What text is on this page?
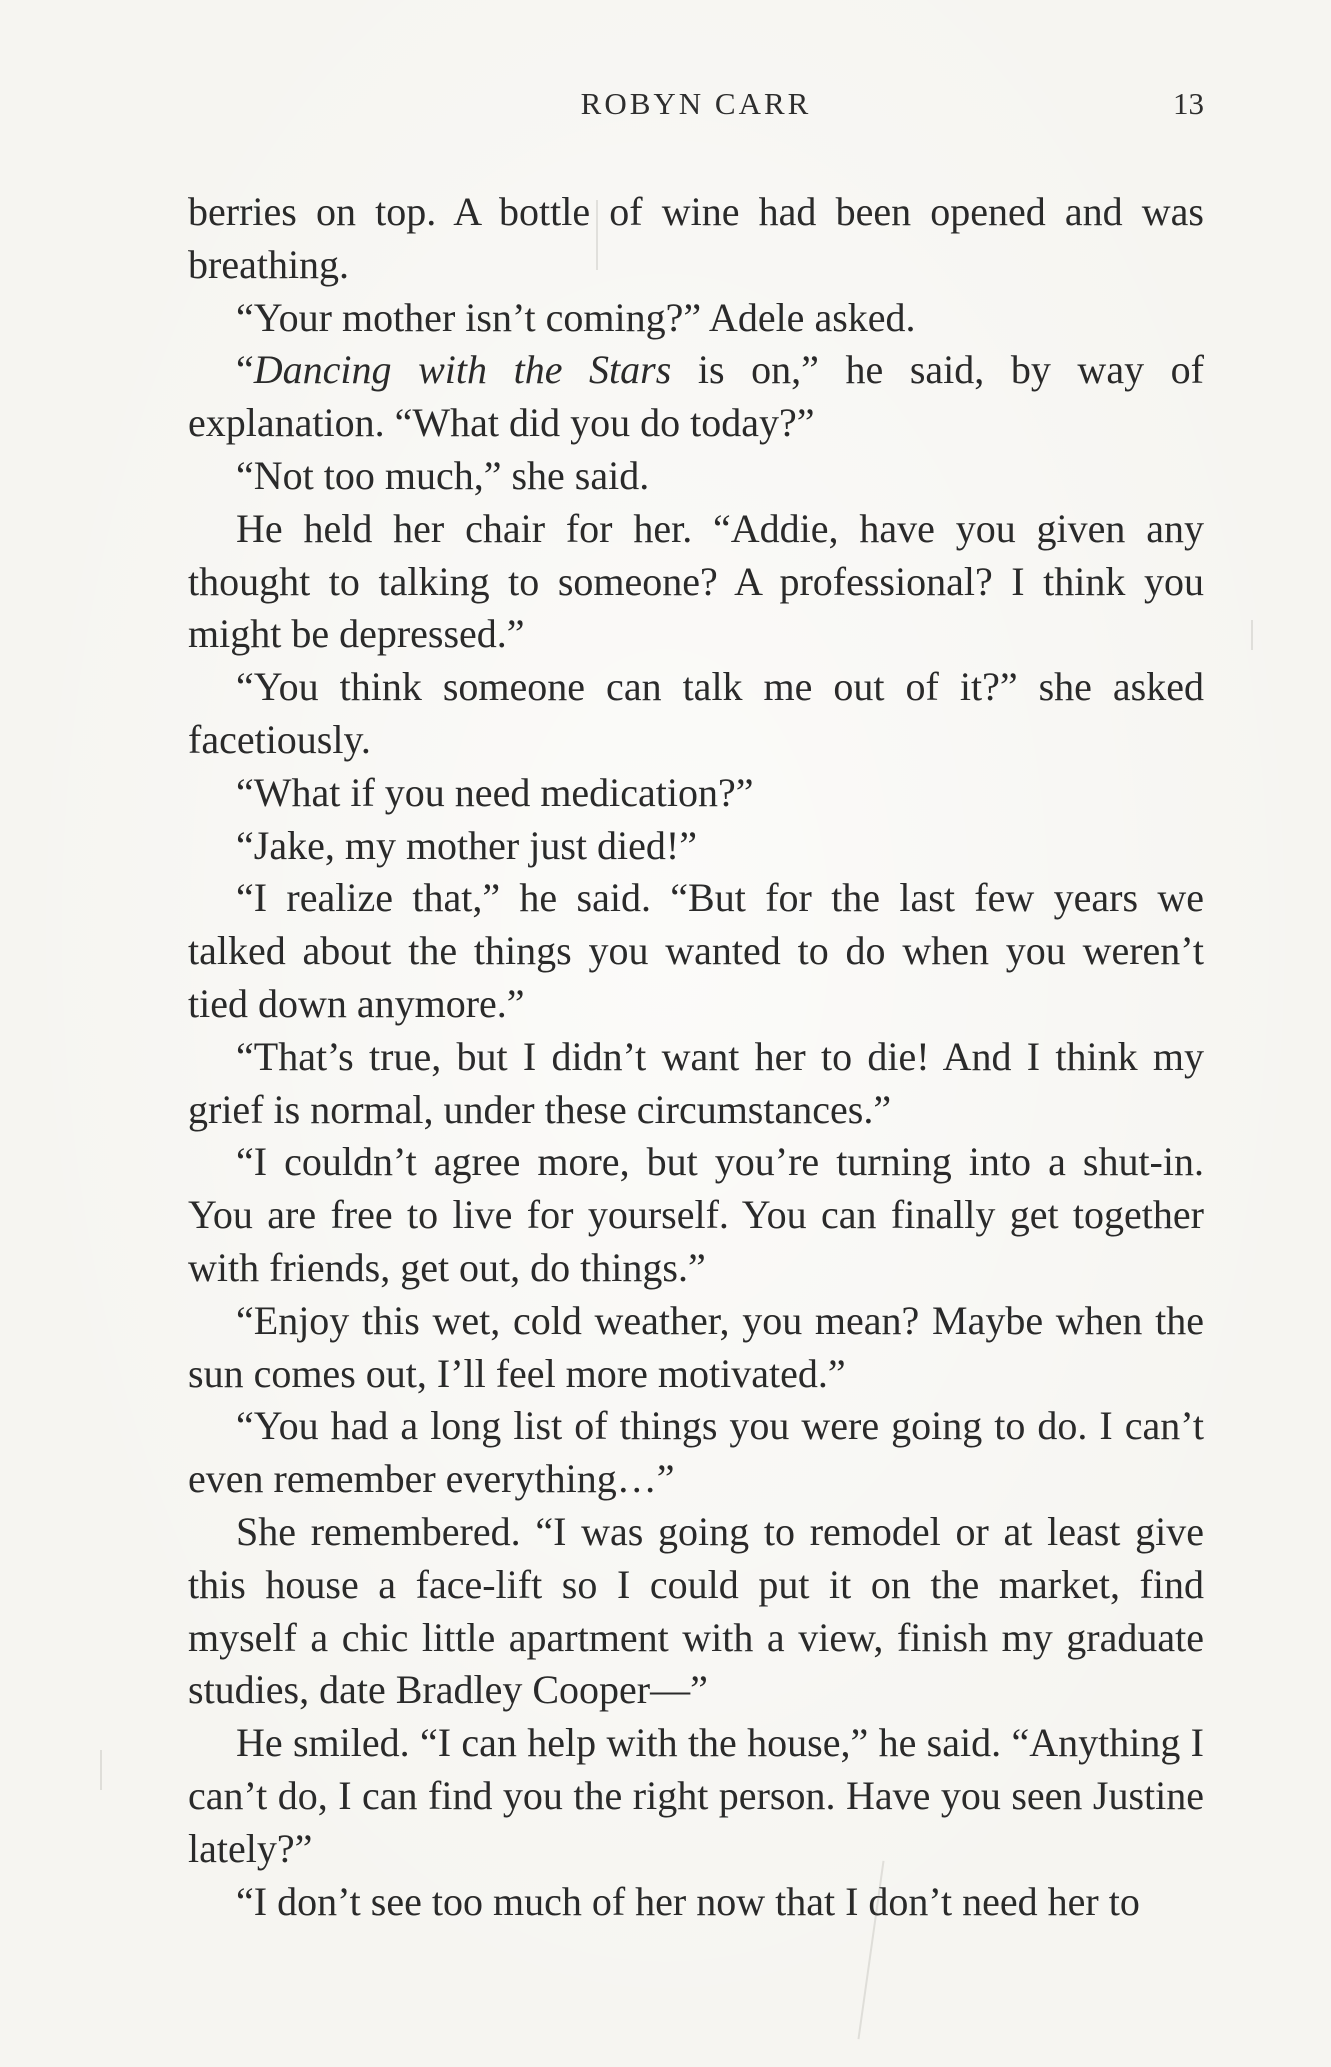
ROBYN CARR	13

berries on top. A bottle of wine had been opened and was breathing.

“Your mother isn’t coming?” Adele asked.

“Dancing with the Stars is on,” he said, by way of explanation. “What did you do today?”

“Not too much,” she said.

He held her chair for her. “Addie, have you given any thought to talking to someone? A professional? I think you might be depressed.”

“You think someone can talk me out of it?” she asked facetiously.

“What if you need medication?”

“Jake, my mother just died!”

“I realize that,” he said. “But for the last few years we talked about the things you wanted to do when you weren’t tied down anymore.”

“That’s true, but I didn’t want her to die! And I think my grief is normal, under these circumstances.”

“I couldn’t agree more, but you’re turning into a shut-in. You are free to live for yourself. You can finally get together with friends, get out, do things.”

“Enjoy this wet, cold weather, you mean? Maybe when the sun comes out, I’ll feel more motivated.”

“You had a long list of things you were going to do. I can’t even remember everything…”

She remembered. “I was going to remodel or at least give this house a face-lift so I could put it on the market, find myself a chic little apartment with a view, finish my graduate studies, date Bradley Cooper—”

He smiled. “I can help with the house,” he said. “Anything I can’t do, I can find you the right person. Have you seen Justine lately?”

“I don’t see too much of her now that I don’t need her to
